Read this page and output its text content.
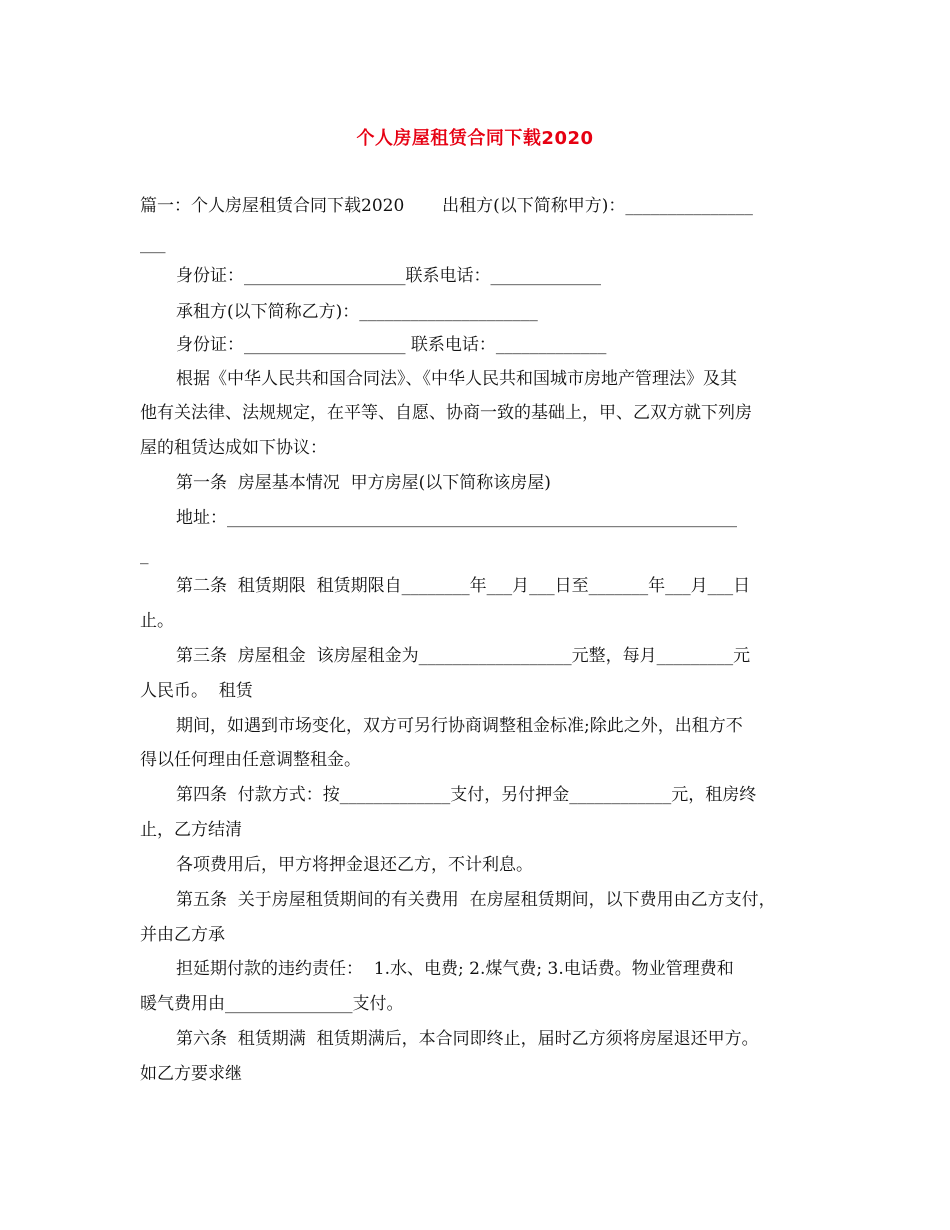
个人房屋租赁合同下载2020
篇一：个人房屋租赁合同下载2020       出租方(以下简称甲方)：_______________
___
身份证：___________________联系电话：_____________
承租方(以下简称乙方)：_____________________
身份证：___________________ 联系电话：_____________
根据《中华人民共和国合同法》、《中华人民共和国城市房地产管理法》及其
他有关法律、法规规定，在平等、自愿、协商一致的基础上，甲、乙双方就下列房
屋的租赁达成如下协议：
第一条  房屋基本情况  甲方房屋(以下简称该房屋)
地址：____________________________________________________________
_
第二条  租赁期限  租赁期限自________年___月___日至_______年___月___日
止。
第三条  房屋租金  该房屋租金为__________________元整，每月_________元
人民币。  租赁
期间，如遇到市场变化，双方可另行协商调整租金标准;除此之外，出租方不
得以任何理由任意调整租金。
第四条  付款方式：按_____________支付，另付押金____________元，租房终
止，乙方结清
各项费用后，甲方将押金退还乙方，不计利息。
第五条  关于房屋租赁期间的有关费用  在房屋租赁期间，以下费用由乙方支付，
并由乙方承
担延期付款的违约责任：  1.水、电费; 2.煤气费; 3.电话费。物业管理费和
暖气费用由_______________支付。
第六条  租赁期满  租赁期满后，本合同即终止，届时乙方须将房屋退还甲方。
如乙方要求继
